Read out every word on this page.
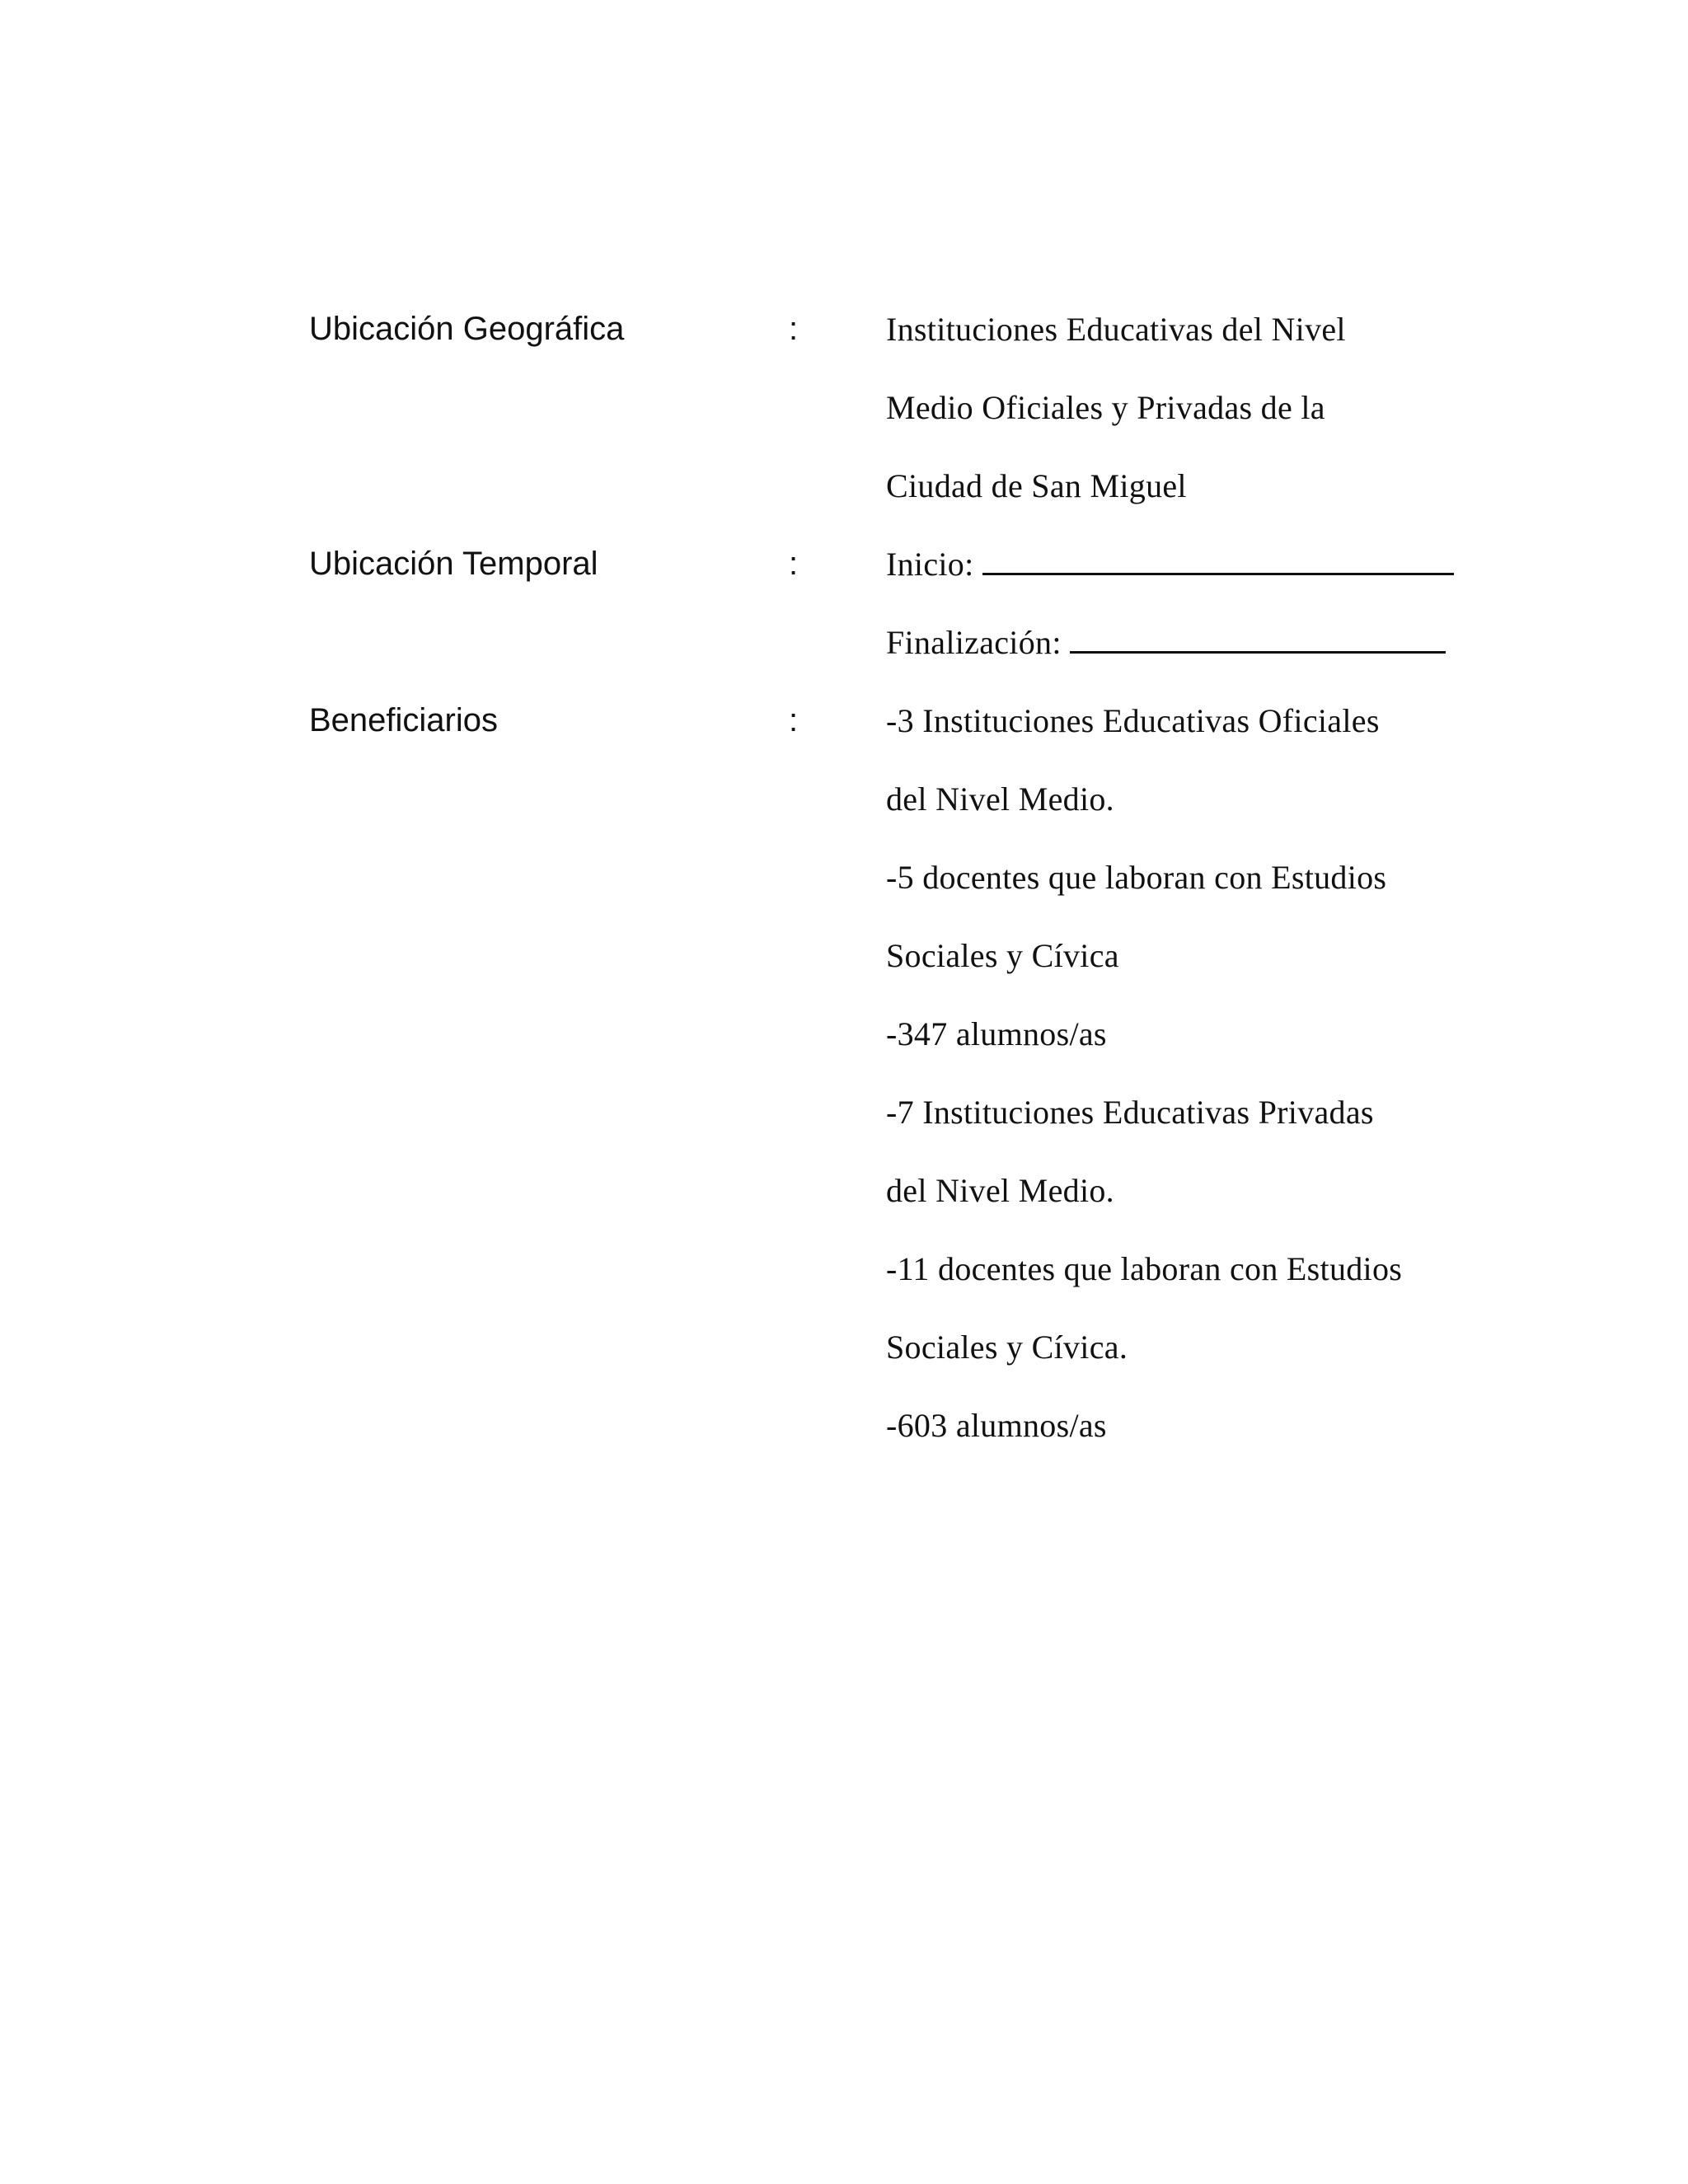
Ubicación Geográfica	:	Instituciones Educativas del Nivel
Medio Oficiales y Privadas de la
Ciudad de San Miguel
Ubicación Temporal	:	Inicio:
Finalización:
Beneficiarios	:	-3 Instituciones Educativas Oficiales
del Nivel Medio.
-5 docentes que laboran con Estudios
Sociales y Cívica
-347 alumnos/as
-7 Instituciones Educativas Privadas
del Nivel Medio.
-11 docentes que laboran con Estudios
Sociales y Cívica.
-603 alumnos/as
